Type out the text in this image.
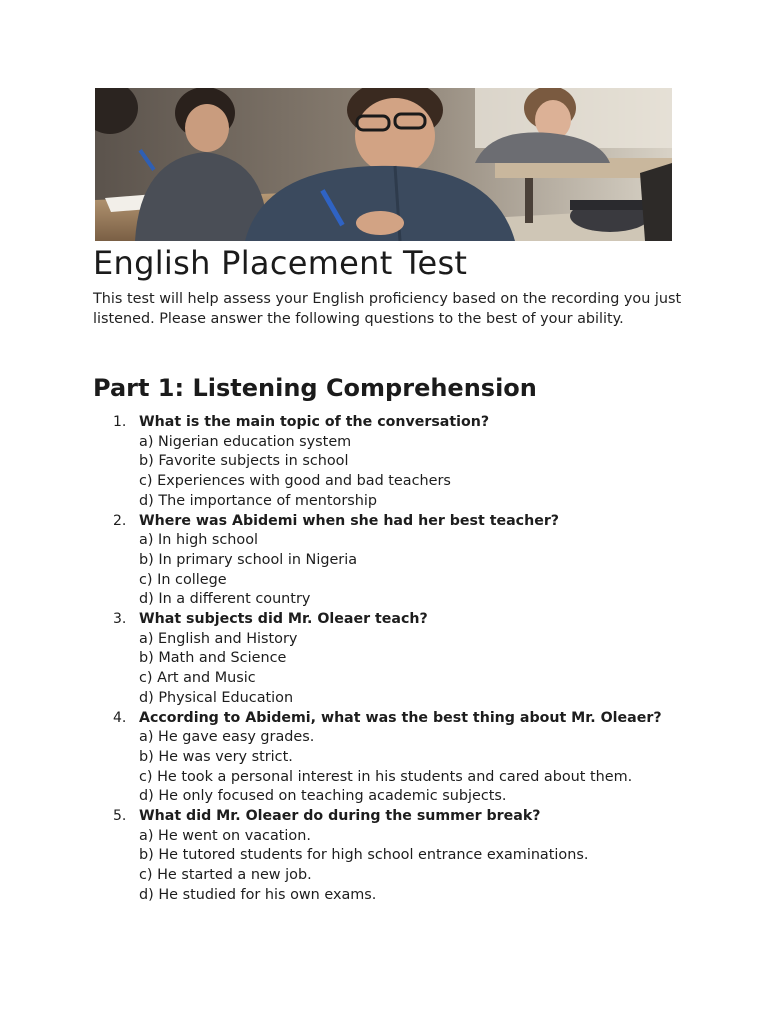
English Placement Test

This test will help assess your English proficiency based on the recording you just listened. Please answer the following questions to the best of your ability.

Part 1: Listening Comprehension
1. What is the main topic of the conversation?
a) Nigerian education system
b) Favorite subjects in school
c) Experiences with good and bad teachers
d) The importance of mentorship
2. Where was Abidemi when she had her best teacher?
a) In high school
b) In primary school in Nigeria
c) In college
d) In a different country
3. What subjects did Mr. Oleaer teach?
a) English and History
b) Math and Science
c) Art and Music
d) Physical Education
4. According to Abidemi, what was the best thing about Mr. Oleaer?
a) He gave easy grades.
b) He was very strict.
c) He took a personal interest in his students and cared about them.
d) He only focused on teaching academic subjects.
5. What did Mr. Oleaer do during the summer break?
a) He went on vacation.
b) He tutored students for high school entrance examinations.
c) He started a new job.
d) He studied for his own exams.
